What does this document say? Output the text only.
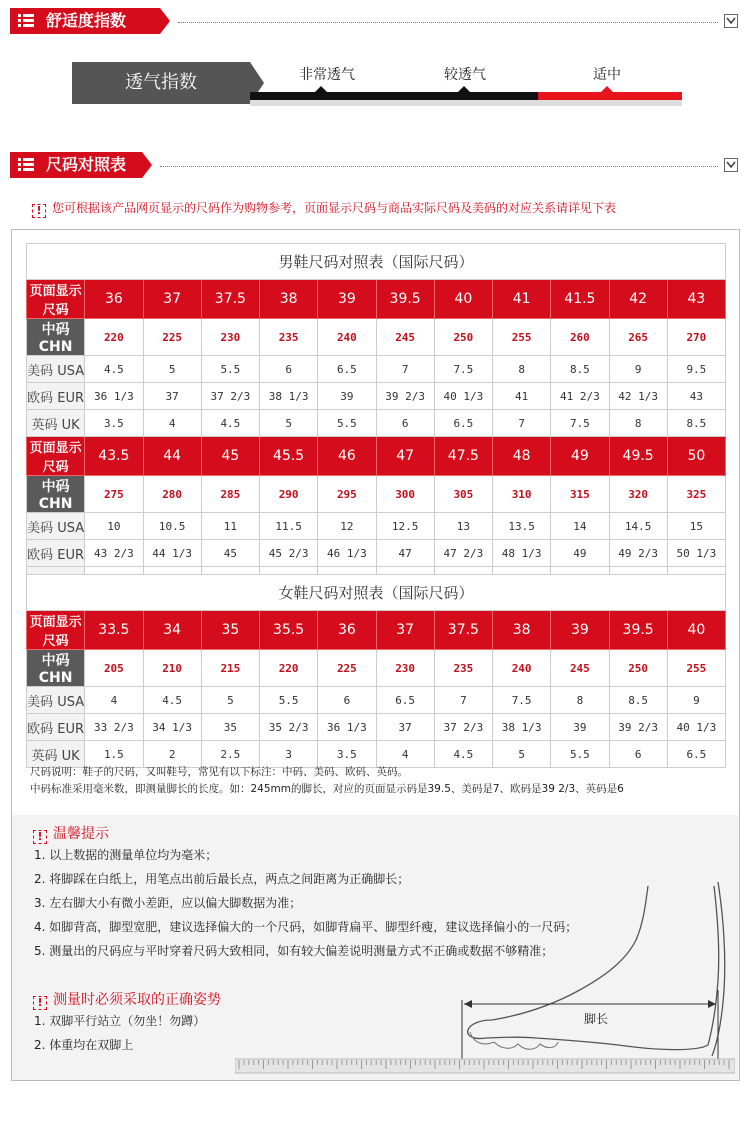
舒适度指数
透气指数	非常透气	较透气	适中
尺码对照表
! 您可根据该产品网页显示的尺码作为购物参考，页面显示尺码与商品实际尺码及美码的对应关系请详见下表
男鞋尺码对照表（国际尺码）											
页面显示尺码	36	37	37.5	38	39	39.5	40	41	41.5	42	43
中码 CHN	220	225	230	235	240	245	250	255	260	265	270
美码 USA	4.5	5	5.5	6	6.5	7	7.5	8	8.5	9	9.5
欧码 EUR	36 1/3	37	37 2/3	38 1/3	39	39 2/3	40 1/3	41	41 2/3	42 1/3	43
英码 UK	3.5	4	4.5	5	5.5	6	6.5	7	7.5	8	8.5
页面显示尺码	43.5	44	45	45.5	46	47	47.5	48	49	49.5	50
中码 CHN	275	280	285	290	295	300	305	310	315	320	325
美码 USA	10	10.5	11	11.5	12	12.5	13	13.5	14	14.5	15
欧码 EUR	43 2/3	44 1/3	45	45 2/3	46 1/3	47	47 2/3	48 1/3	49	49 2/3	50 1/3

女鞋尺码对照表（国际尺码）											
页面显示尺码	33.5	34	35	35.5	36	37	37.5	38	39	39.5	40
中码 CHN	205	210	215	220	225	230	235	240	245	250	255
美码 USA	4	4.5	5	5.5	6	6.5	7	7.5	8	8.5	9
欧码 EUR	33 2/3	34 1/3	35	35 2/3	36 1/3	37	37 2/3	38 1/3	39	39 2/3	40 1/3
英码 UK	1.5	2	2.5	3	3.5	4	4.5	5	5.5	6	6.5
尺码说明：鞋子的尺码，又叫鞋号，常见有以下标注：中码、美码、欧码、英码。
中码标准采用毫米数，即测量脚长的长度。如：245mm的脚长，对应的页面显示码是39.5、美码是7、欧码是39 2/3、英码是6
! 温馨提示
1. 以上数据的测量单位均为毫米；
2. 将脚踩在白纸上，用笔点出前后最长点，两点之间距离为正确脚长；
3. 左右脚大小有微小差距，应以偏大脚数据为准；
4. 如脚背高，脚型宽肥，建议选择偏大的一个尺码，如脚背扁平、脚型纤瘦，建议选择偏小的一尺码；
5. 测量出的尺码应与平时穿着尺码大致相同，如有较大偏差说明测量方式不正确或数据不够精准；
! 测量时必须采取的正确姿势
1. 双脚平行站立（勿坐！勿蹲）
2. 体重均在双脚上
脚长
